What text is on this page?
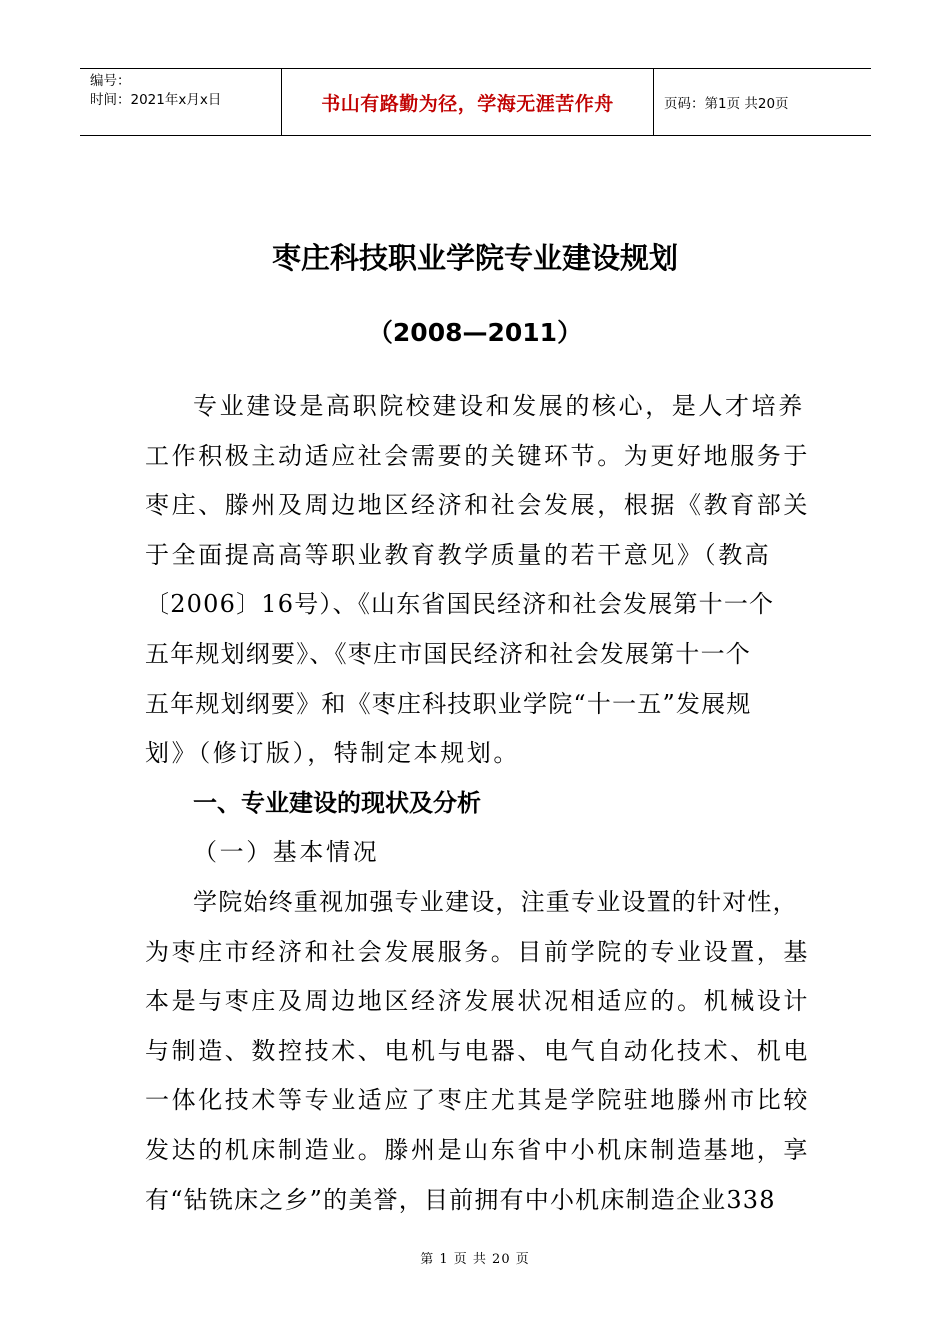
编号：
时间：2021年x月x日	书山有路勤为径，学海无涯苦作舟	页码：第1页 共20页
枣庄科技职业学院专业建设规划
（2008—2011）

专业建设是高职院校建设和发展的核心，是人才培养

工作积极主动适应社会需要的关键环节。为更好地服务于

枣庄、滕州及周边地区经济和社会发展，根据《教育部关

于全面提高高等职业教育教学质量的若干意见》（教高

〔2006〕16号）、《山东省国民经济和社会发展第十一个

五年规划纲要》、《枣庄市国民经济和社会发展第十一个

五年规划纲要》和《枣庄科技职业学院“十一五”发展规

划》（修订版），特制定本规划。

一、专业建设的现状及分析

（一）基本情况

学院始终重视加强专业建设，注重专业设置的针对性，

为枣庄市经济和社会发展服务。目前学院的专业设置，基

本是与枣庄及周边地区经济发展状况相适应的。机械设计

与制造、数控技术、电机与电器、电气自动化技术、机电

一体化技术等专业适应了枣庄尤其是学院驻地滕州市比较

发达的机床制造业。滕州是山东省中小机床制造基地，享

有“钻铣床之乡”的美誉，目前拥有中小机床制造企业338

第 1 页 共 20 页
